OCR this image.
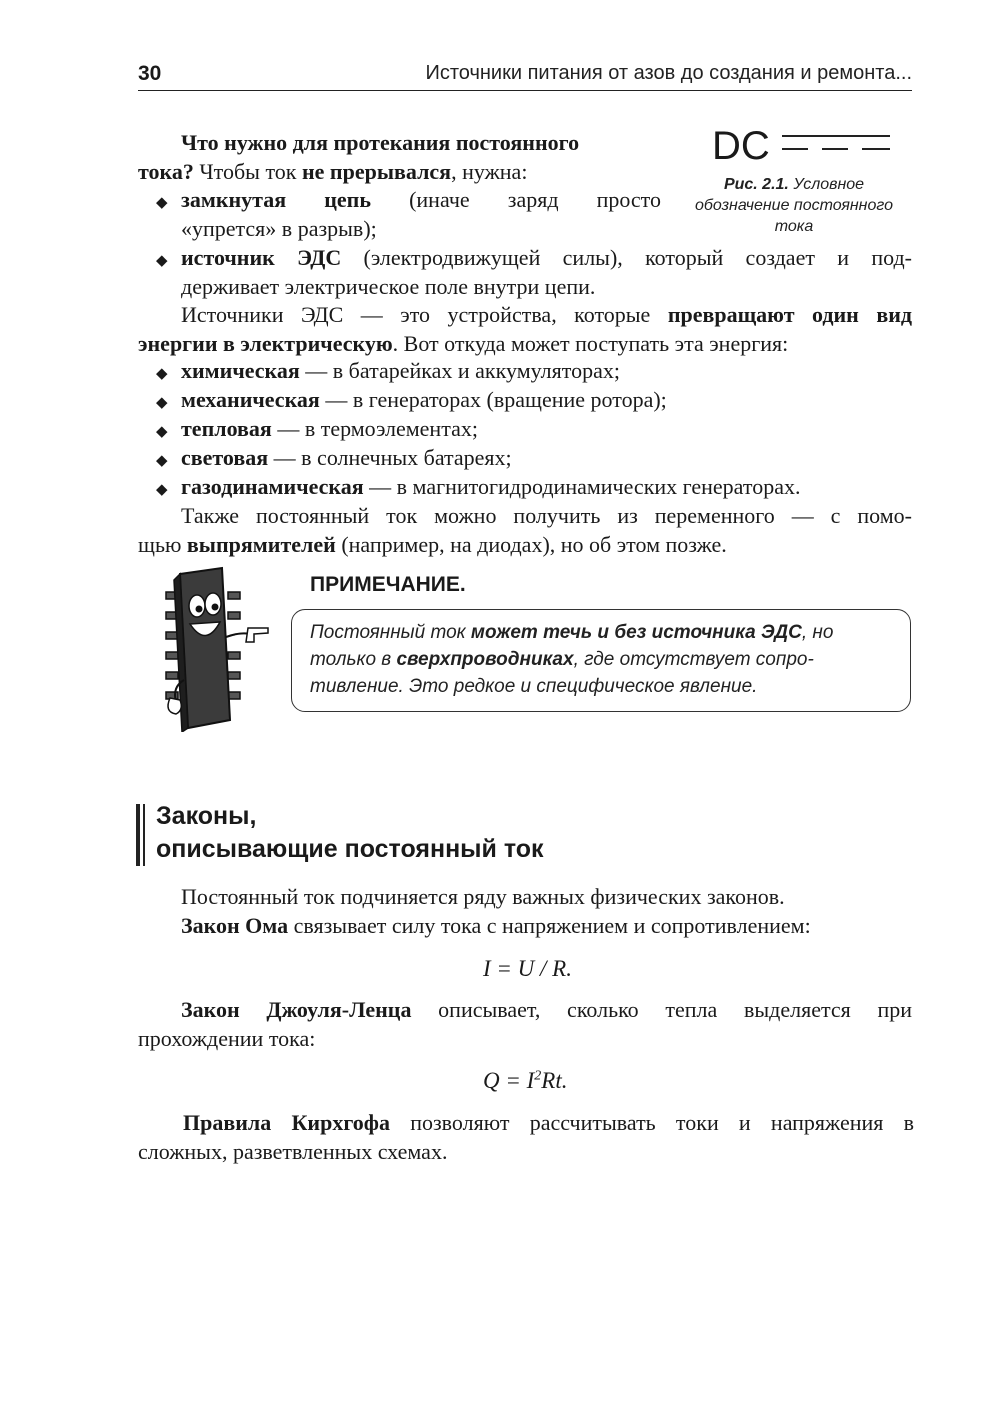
30	Источники питания от азов до создания и ремонта...
DC
Рис. 2.1. Условное
обозначение постоянного
тока

Что нужно для протекания постоянного

тока? Чтобы ток не прерывался, нужна:

◆ замкнутая цепь (иначе заряд просто

«упрется» в разрыв);

◆ источник ЭДС (электродвижущей силы), который создает и под-

держивает электрическое поле внутри цепи.

Источники ЭДС — это устройства, которые превращают один вид

энергии в электрическую. Вот откуда может поступать эта энергия:

◆ химическая — в батарейках и аккумуляторах;

◆ механическая — в генераторах (вращение ротора);

◆ тепловая — в термоэлементах;

◆ световая — в солнечных батареях;

◆ газодинамическая — в магнитогидродинамических генераторах.

Также постоянный ток можно получить из переменного — с помо-

щью выпрямителей (например, на диодах), но об этом позже.

ПРИМЕЧАНИЕ.
Постоянный ток может течь и без источника ЭДС, но
только в сверхпроводниках, где отсутствует сопро-
тивление. Это редкое и специфическое явление.
Законы,
описывающие постоянный ток

Постоянный ток подчиняется ряду важных физических законов.

Закон Ома связывает силу тока с напряжением и сопротивлением:

I = U / R.

Закон Джоуля-Ленца описывает, сколько тепла выделяется при

прохождении тока:

$Q = I^2Rt$.

Правила Кирхгофа позволяют рассчитывать токи и напряжения в

сложных, разветвленных схемах.
